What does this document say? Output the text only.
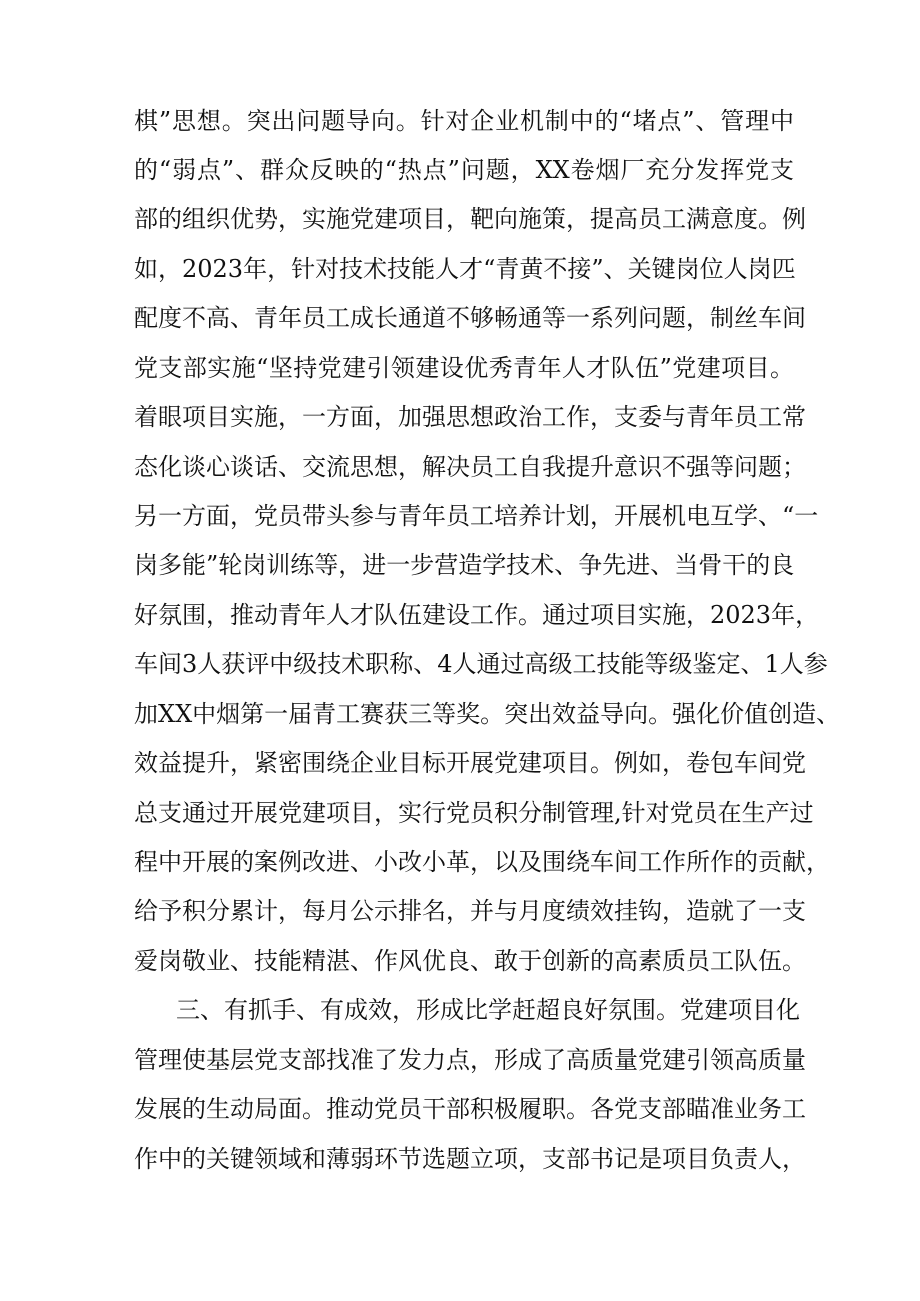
棋”思想。突出问题导向。针对企业机制中的“堵点”、管理中
的“弱点”、群众反映的“热点”问题，XX卷烟厂充分发挥党支
部的组织优势，实施党建项目，靶向施策，提高员工满意度。例
如，2023年，针对技术技能人才“青黄不接”、关键岗位人岗匹
配度不高、青年员工成长通道不够畅通等一系列问题，制丝车间
党支部实施“坚持党建引领建设优秀青年人才队伍”党建项目。
着眼项目实施，一方面，加强思想政治工作，支委与青年员工常
态化谈心谈话、交流思想，解决员工自我提升意识不强等问题；
另一方面，党员带头参与青年员工培养计划，开展机电互学、“一
岗多能”轮岗训练等，进一步营造学技术、争先进、当骨干的良
好氛围，推动青年人才队伍建设工作。通过项目实施，2023年，
车间3人获评中级技术职称、4人通过高级工技能等级鉴定、1人参
加XX中烟第一届青工赛获三等奖。突出效益导向。强化价值创造、
效益提升，紧密围绕企业目标开展党建项目。例如，卷包车间党
总支通过开展党建项目，实行党员积分制管理,针对党员在生产过
程中开展的案例改进、小改小革，以及围绕车间工作所作的贡献，
给予积分累计，每月公示排名，并与月度绩效挂钩，造就了一支
爱岗敬业、技能精湛、作风优良、敢于创新的高素质员工队伍。
三、有抓手、有成效，形成比学赶超良好氛围。党建项目化
管理使基层党支部找准了发力点，形成了高质量党建引领高质量
发展的生动局面。推动党员干部积极履职。各党支部瞄准业务工
作中的关键领域和薄弱环节选题立项，支部书记是项目负责人，
